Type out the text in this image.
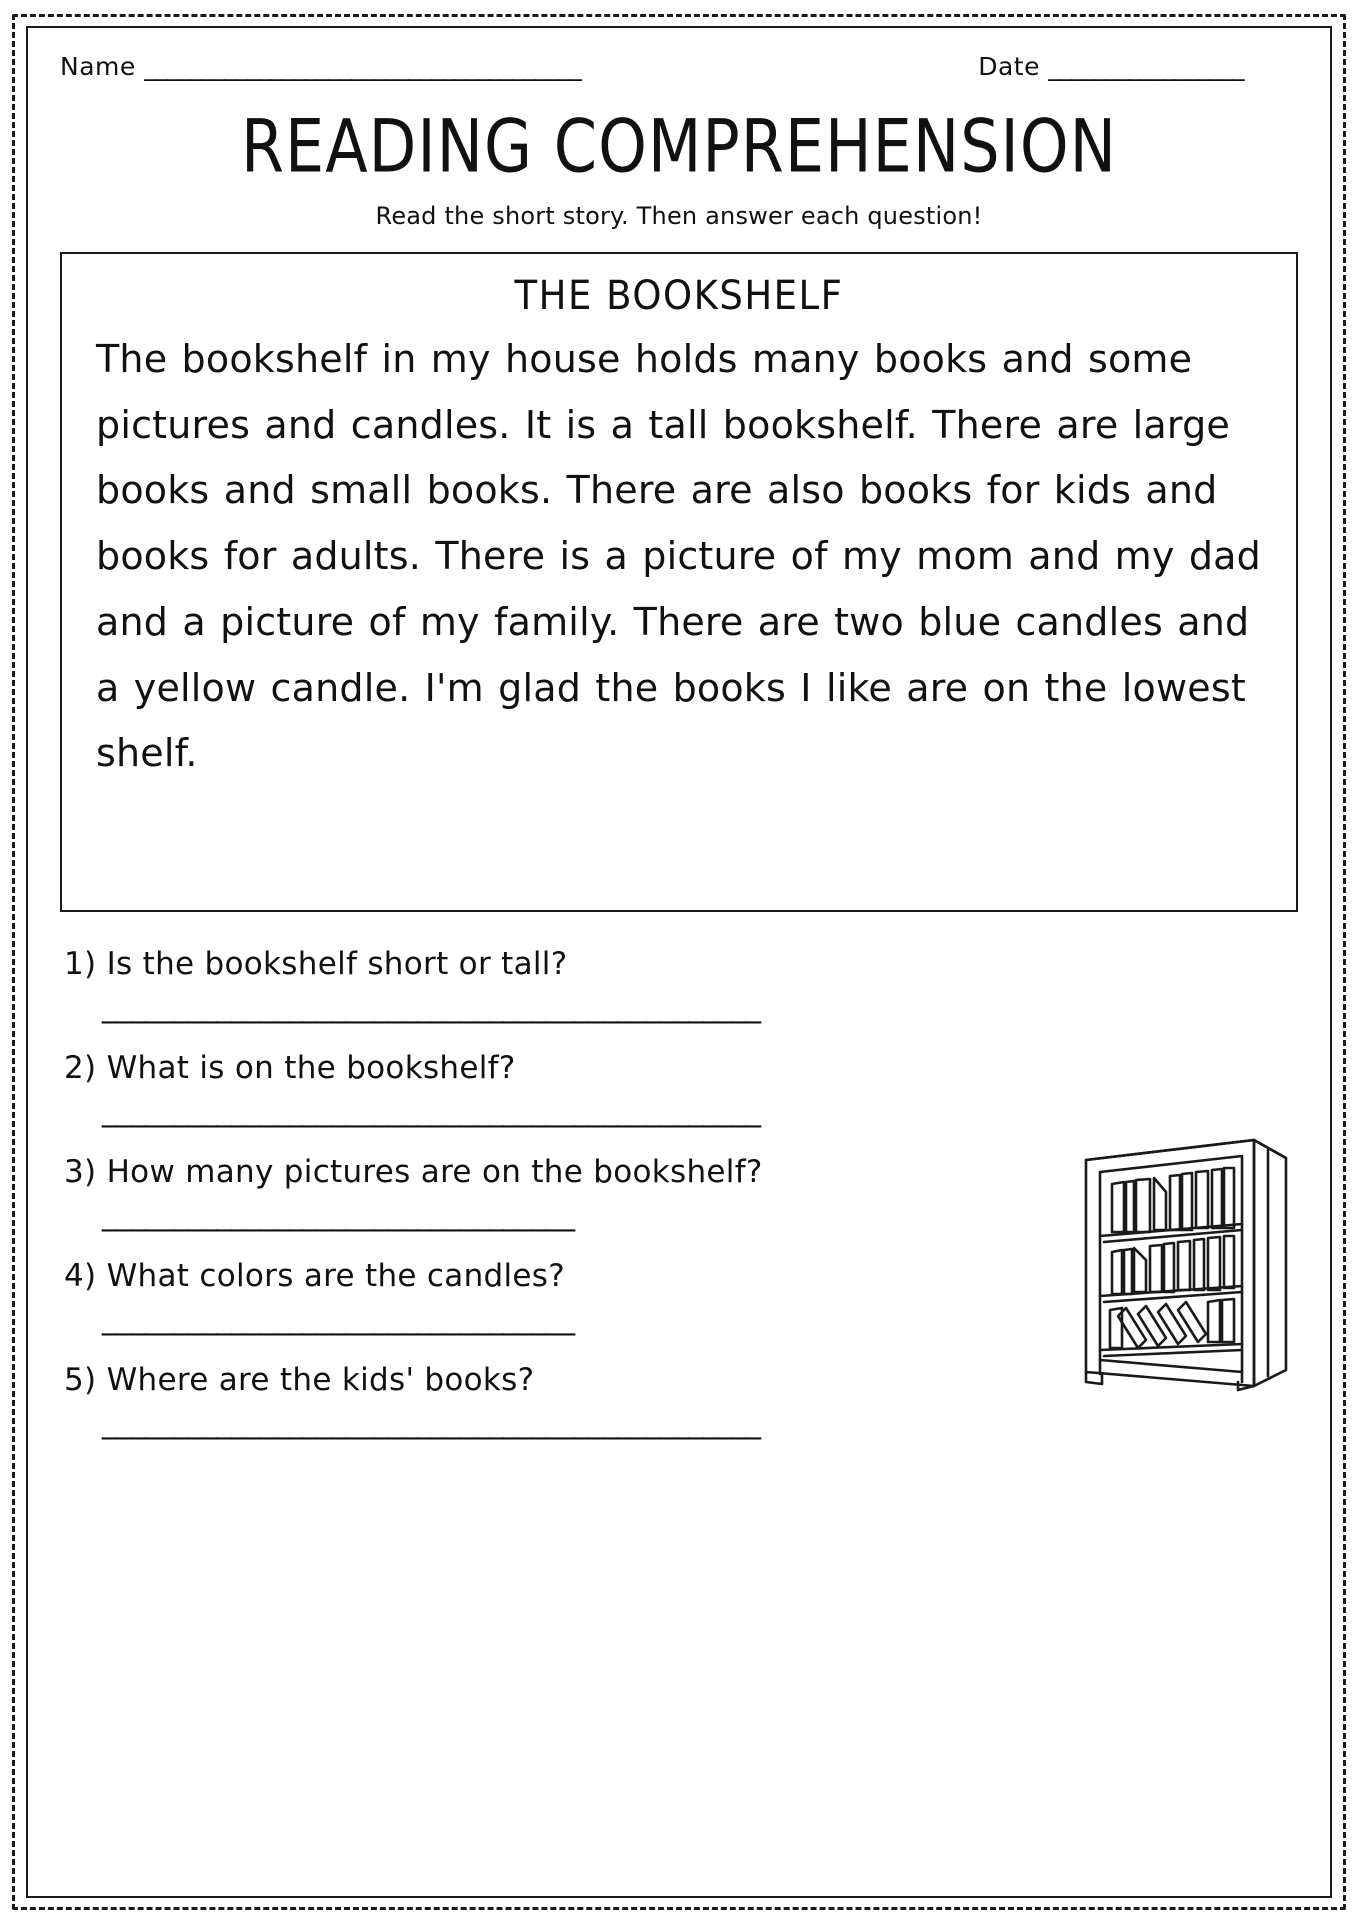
Name ______________________________________	Date _________________
READING COMPREHENSION
Read the short story. Then answer each question!
THE BOOKSHELF
The bookshelf in my house holds many books and some pictures and candles. It is a tall bookshelf. There are large books and small books. There are also books for kids and books for adults. There is a picture of my mom and my dad and a picture of my family. There are two blue candles and a yellow candle. I'm glad the books I like are on the lowest shelf.
1) Is the bookshelf short or tall?
______________________________________________
2) What is on the bookshelf?
______________________________________________
3) How many pictures are on the bookshelf?
_________________________________
4) What colors are the candles?
_________________________________
5) Where are the kids' books?
______________________________________________
